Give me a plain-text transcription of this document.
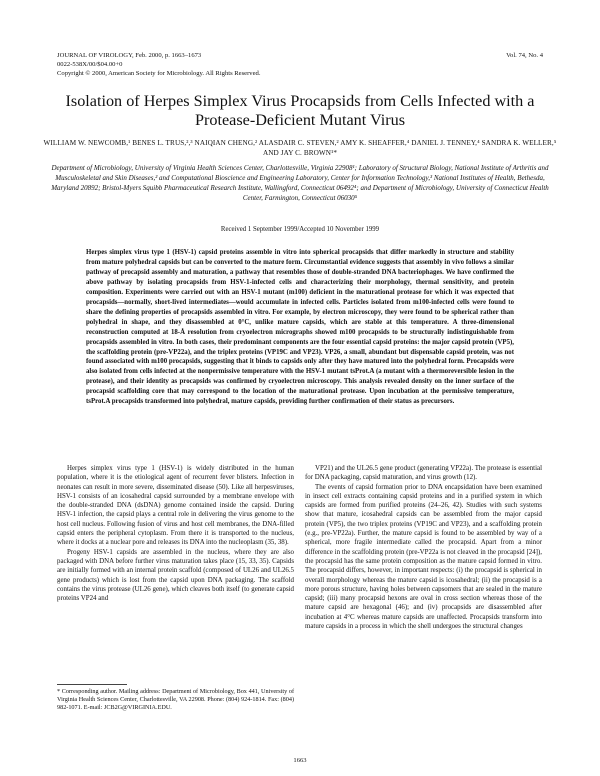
JOURNAL OF VIROLOGY, Feb. 2000, p. 1663–1673	Vol. 74, No. 4
0022-538X/00/$04.00+0
Copyright © 2000, American Society for Microbiology. All Rights Reserved.
Isolation of Herpes Simplex Virus Procapsids from Cells Infected with a Protease-Deficient Mutant Virus
WILLIAM W. NEWCOMB,¹ BENES L. TRUS,²,³ NAIQIAN CHENG,² ALASDAIR C. STEVEN,² AMY K. SHEAFFER,⁴ DANIEL J. TENNEY,⁴ SANDRA K. WELLER,⁵ AND JAY C. BROWN¹*
Department of Microbiology, University of Virginia Health Sciences Center, Charlottesville, Virginia 22908¹; Laboratory of Structural Biology, National Institute of Arthritis and Musculoskeletal and Skin Diseases,² and Computational Bioscience and Engineering Laboratory, Center for Information Technology,³ National Institutes of Health, Bethesda, Maryland 20892; Bristol-Myers Squibb Pharmaceutical Research Institute, Wallingford, Connecticut 06492⁴; and Department of Microbiology, University of Connecticut Health Center, Farmington, Connecticut 06030⁵
Received 1 September 1999/Accepted 10 November 1999
Herpes simplex virus type 1 (HSV-1) capsid proteins assemble in vitro into spherical procapsids that differ markedly in structure and stability from mature polyhedral capsids but can be converted to the mature form. Circumstantial evidence suggests that assembly in vivo follows a similar pathway of procapsid assembly and maturation, a pathway that resembles those of double-stranded DNA bacteriophages. We have confirmed the above pathway by isolating procapsids from HSV-1-infected cells and characterizing their morphology, thermal sensitivity, and protein composition. Experiments were carried out with an HSV-1 mutant (m100) deficient in the maturational protease for which it was expected that procapsids—normally, short-lived intermediates—would accumulate in infected cells. Particles isolated from m100-infected cells were found to share the defining properties of procapsids assembled in vitro. For example, by electron microscopy, they were found to be spherical rather than polyhedral in shape, and they disassembled at 0°C, unlike mature capsids, which are stable at this temperature. A three-dimensional reconstruction computed at 18-Å resolution from cryoelectron micrographs showed m100 procapsids to be structurally indistinguishable from procapsids assembled in vitro. In both cases, their predominant components are the four essential capsid proteins: the major capsid protein (VP5), the scaffolding protein (pre-VP22a), and the triplex proteins (VP19C and VP23). VP26, a small, abundant but dispensable capsid protein, was not found associated with m100 procapsids, suggesting that it binds to capsids only after they have matured into the polyhedral form. Procapsids were also isolated from cells infected at the nonpermissive temperature with the HSV-1 mutant tsProt.A (a mutant with a thermoreversible lesion in the protease), and their identity as procapsids was confirmed by cryoelectron microscopy. This analysis revealed density on the inner surface of the procapsid scaffolding core that may correspond to the location of the maturational protease. Upon incubation at the permissive temperature, tsProt.A procapsids transformed into polyhedral, mature capsids, providing further confirmation of their status as precursors.

Herpes simplex virus type 1 (HSV-1) is widely distributed in the human population, where it is the etiological agent of recurrent fever blisters. Infection in neonates can result in more severe, disseminated disease (50). Like all herpesviruses, HSV-1 consists of an icosahedral capsid surrounded by a membrane envelope with the double-stranded DNA (dsDNA) genome contained inside the capsid. During HSV-1 infection, the capsid plays a central role in delivering the virus genome to the host cell nucleus. Following fusion of virus and host cell membranes, the DNA-filled capsid enters the peripheral cytoplasm. From there it is transported to the nucleus, where it docks at a nuclear pore and releases its DNA into the nucleoplasm (35, 38).

Progeny HSV-1 capsids are assembled in the nucleus, where they are also packaged with DNA before further virus maturation takes place (15, 33, 35). Capsids are initially formed with an internal protein scaffold (composed of UL26 and UL26.5 gene products) which is lost from the capsid upon DNA packaging. The scaffold contains the virus protease (UL26 gene), which cleaves both itself (to generate capsid proteins VP24 and

VP21) and the UL26.5 gene product (generating VP22a). The protease is essential for DNA packaging, capsid maturation, and virus growth (12).

The events of capsid formation prior to DNA encapsidation have been examined in insect cell extracts containing capsid proteins and in a purified system in which capsids are formed from purified proteins (24–26, 42). Studies with such systems show that mature, icosahedral capsids can be assembled from the major capsid protein (VP5), the two triplex proteins (VP19C and VP23), and a scaffolding protein (e.g., pre-VP22a). Further, the mature capsid is found to be assembled by way of a spherical, more fragile intermediate called the procapsid. Apart from a minor difference in the scaffolding protein (pre-VP22a is not cleaved in the procapsid [24]), the procapsid has the same protein composition as the mature capsid formed in vitro. The procapsid differs, however, in important respects: (i) the procapsid is spherical in overall morphology whereas the mature capsid is icosahedral; (ii) the procapsid is a more porous structure, having holes between capsomers that are sealed in the mature capsid; (iii) many procapsid hexons are oval in cross section whereas those of the mature capsid are hexagonal (46); and (iv) procapsids are disassembled after incubation at 4°C whereas mature capsids are unaffected. Procapsids transform into mature capsids in a process in which the shell undergoes the structural changes

* Corresponding author. Mailing address: Department of Microbiology, Box 441, University of Virginia Health Sciences Center, Charlottesville, VA 22908. Phone: (804) 924-1814. Fax: (804) 982-1071. E-mail: JCB2G@VIRGINIA.EDU.
1663
